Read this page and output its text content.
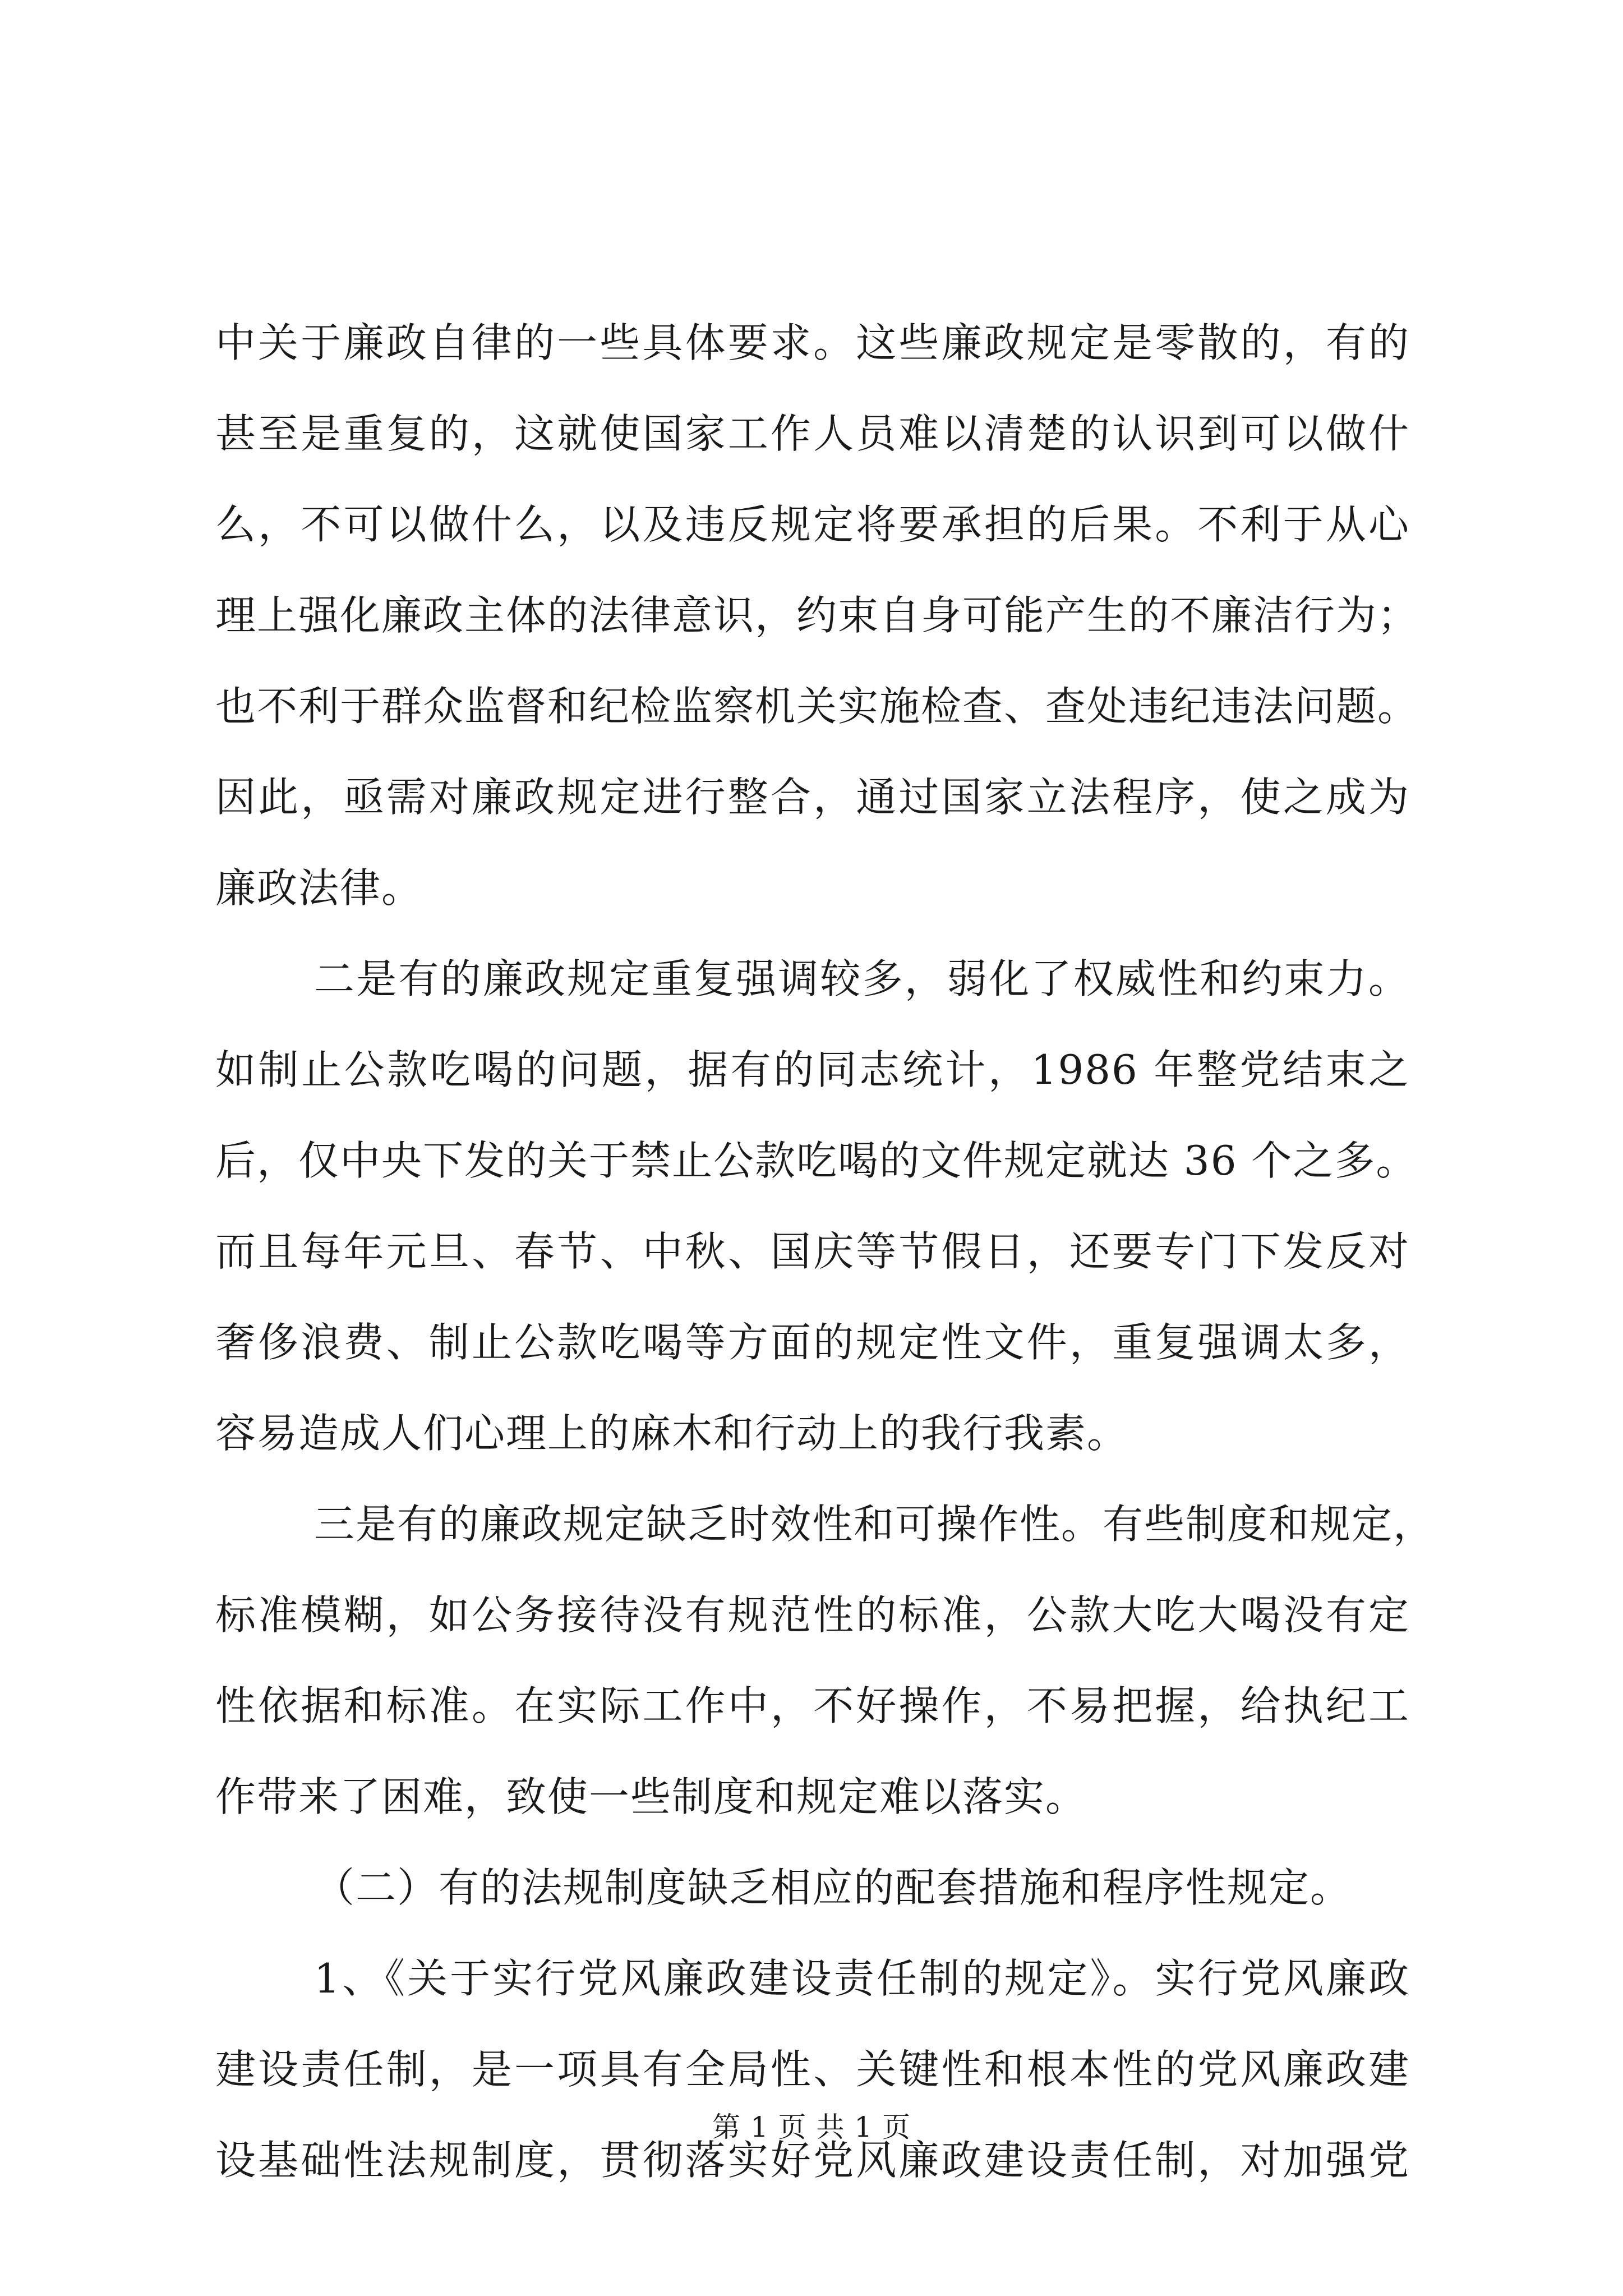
中关于廉政自律的一些具体要求。这些廉政规定是零散的，有的
甚至是重复的，这就使国家工作人员难以清楚的认识到可以做什
么，不可以做什么，以及违反规定将要承担的后果。不利于从心
理上强化廉政主体的法律意识，约束自身可能产生的不廉洁行为；
也不利于群众监督和纪检监察机关实施检查、查处违纪违法问题。
因此，亟需对廉政规定进行整合，通过国家立法程序，使之成为
廉政法律。

二是有的廉政规定重复强调较多，弱化了权威性和约束力。
如制止公款吃喝的问题，据有的同志统计，1986 年整党结束之
后，仅中央下发的关于禁止公款吃喝的文件规定就达 36 个之多。
而且每年元旦、春节、中秋、国庆等节假日，还要专门下发反对
奢侈浪费、制止公款吃喝等方面的规定性文件，重复强调太多，
容易造成人们心理上的麻木和行动上的我行我素。

三是有的廉政规定缺乏时效性和可操作性。有些制度和规定，
标准模糊，如公务接待没有规范性的标准，公款大吃大喝没有定
性依据和标准。在实际工作中，不好操作，不易把握，给执纪工
作带来了困难，致使一些制度和规定难以落实。

（二）有的法规制度缺乏相应的配套措施和程序性规定。

1、《关于实行党风廉政建设责任制的规定》。实行党风廉政
建设责任制，是一项具有全局性、关键性和根本性的党风廉政建
设基础性法规制度，贯彻落实好党风廉政建设责任制，对加强党

第 1 页 共 1 页
